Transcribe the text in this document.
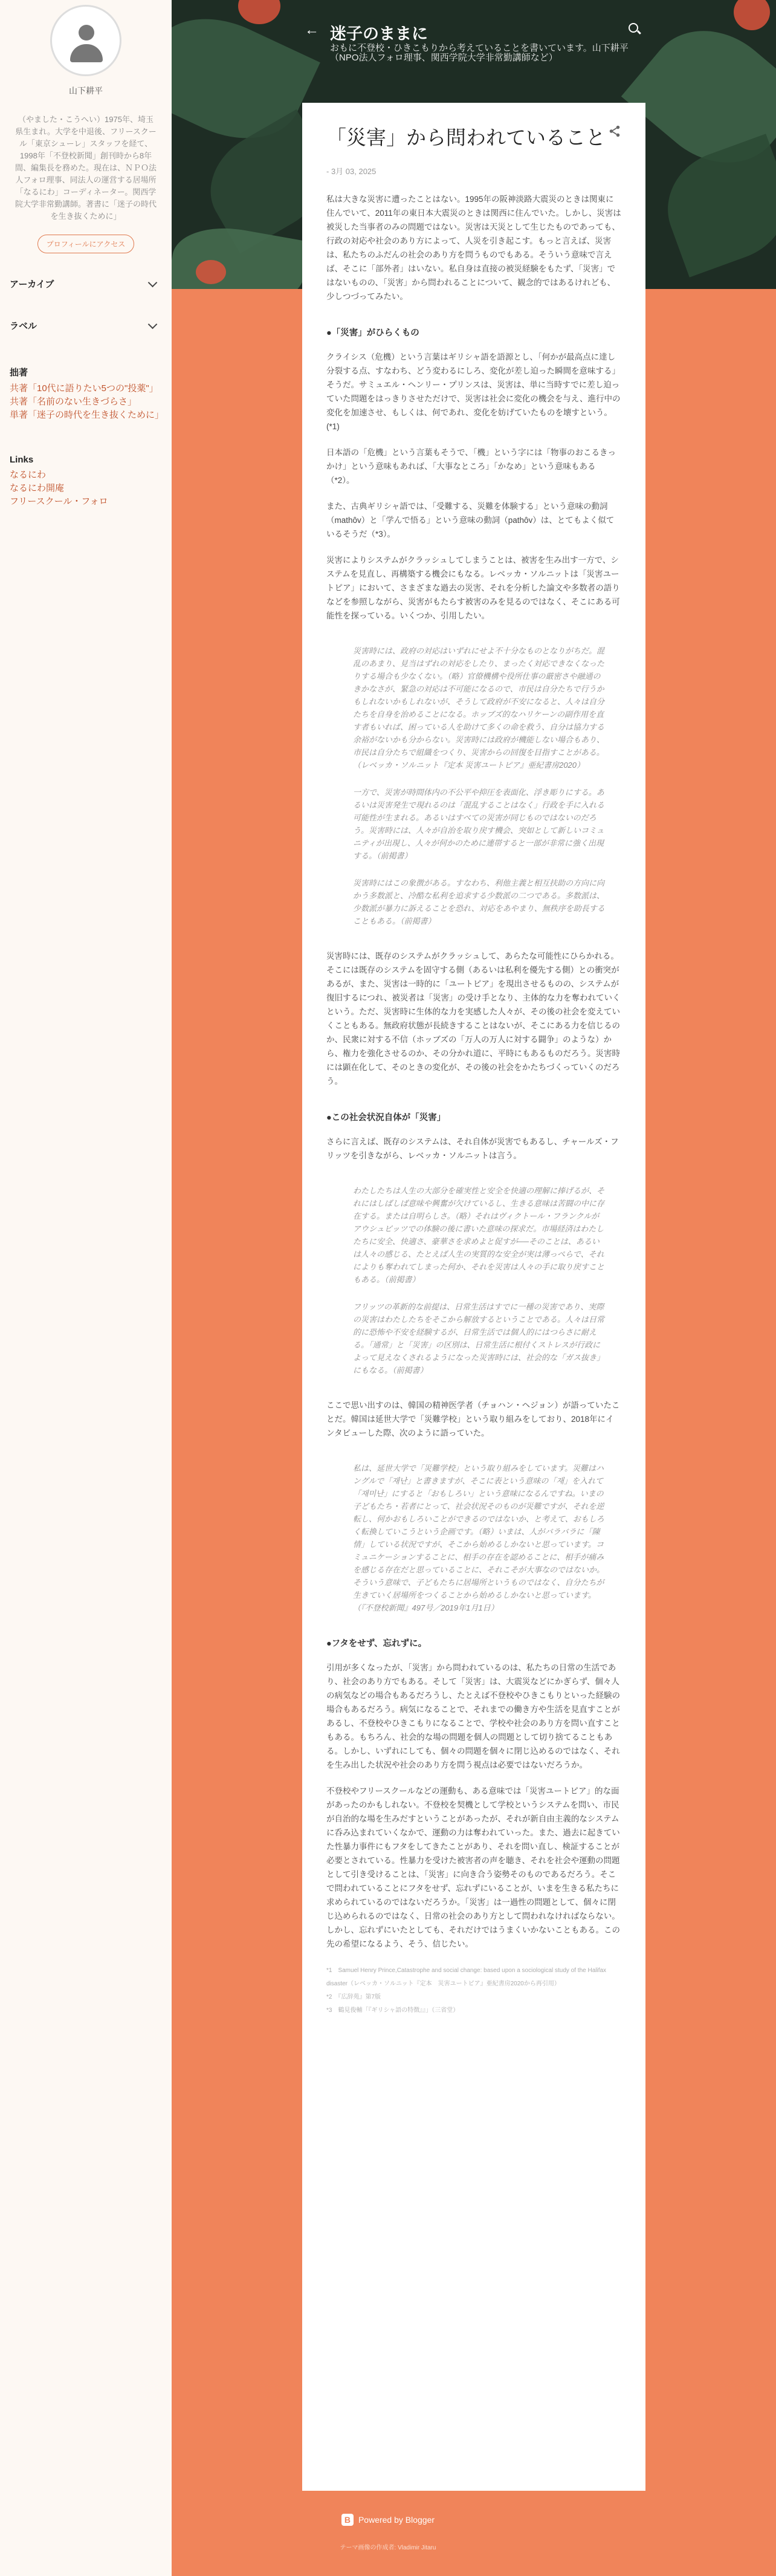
山下耕平
（やました・こうへい）1975年、埼玉県生まれ。大学を中退後、フリースクール「東京シューレ」スタッフを経て、1998年「不登校新聞」創刊時から8年間、編集長を務めた。現在は、ＮＰＯ法人フォロ理事、同法人の運営する居場所「なるにわ」コーディネーター。関西学院大学非常勤講師。著書に「迷子の時代を生き抜くために」
プロフィールにアクセス
アーカイブ
ラベル
拙著
共著「10代に語りたい5つの"投薬"」
共著「名前のない生きづらさ」
単著「迷子の時代を生き抜くために」
Links
なるにわ
なるにわ開庵
フリースクール・フォロ
← 迷子のままに
おもに不登校・ひきこもりから考えていることを書いています。山下耕平（NPO法人フォロ理事、関西学院大学非常勤講師など）
「災害」から問われていること
- 3月 03, 2025

私は大きな災害に遭ったことはない。1995年の阪神淡路大震災のときは関東に住んでいて、2011年の東日本大震災のときは関西に住んでいた。しかし、災害は被災した当事者のみの問題ではない。災害は天災として生じたものであっても、行政の対応や社会のあり方によって、人災を引き起こす。もっと言えば、災害は、私たちのふだんの社会のあり方を問うものでもある。そういう意味で言えば、そこに「部外者」はいない。私自身は直接の被災経験をもたず、「災害」ではないものの、「災害」から問われることについて、観念的ではあるけれども、少しつづってみたい。

●「災害」がひらくもの

クライシス（危機）という言葉はギリシャ語を語源とし、「何かが最高点に達し分裂する点、すなわち、どう変わるにしろ、変化が差し迫った瞬間を意味する」そうだ。サミュエル・ヘンリー・プリンスは、災害は、単に当時すでに差し迫っていた問題をはっきりさせただけで、災害は社会に変化の機会を与え、進行中の変化を加速させ、もしくは、何であれ、変化を妨げていたものを壊すという。(*1)

日本語の「危機」という言葉もそうで、「機」という字には「物事のおこるきっかけ」という意味もあれば、「大事なところ」「かなめ」という意味もある（*2）。

また、古典ギリシャ語では、「受難する、災難を体験する」という意味の動詞（mathôv）と「学んで悟る」という意味の動詞（pathôv）は、とてもよく似ているそうだ（*3）。

災害によりシステムがクラッシュしてしまうことは、被害を生み出す一方で、システムを見直し、再構築する機会にもなる。レベッカ・ソルニットは「災害ユートピア」において、さまざまな過去の災害、それを分析した論文や多数者の語りなどを参照しながら、災害がもたらす被害のみを見るのではなく、そこにある可能性を探っている。いくつか、引用したい。

災害時には、政府の対応はいずれにせよ不十分なものとなりがちだ。混乱のあまり、見当はずれの対応をしたり、まったく対応できなくなったりする場合も少なくない。（略）官僚機構や役所仕事の厳密さや融通のきかなさが、緊急の対応は不可能になるので、市民は自分たちで行うかもしれないかもしれないが、そうして政府が不安になると、人々は自分たちを自身を治めることになる。ホッブズ的なハリケーンの副作用を直す者もいれば、困っている人を助けて多くの命を救う、自分は協力する余裕がないかも分からない。災害時には政府が機能しない場合もあり、市民は自分たちで組織をつくり、災害からの回復を目指すことがある。（レベッカ・ソルニット『定本 災害ユートピア』亜紀書房2020）

一方で、災害が時間体内の不公平や抑圧を表面化、浮き彫りにする。あるいは災害発生で現れるのは「混乱することはなく」行政を手に入れる可能性が生まれる。あるいはすべての災害が同じものではないのだろう。災害時には、人々が自治を取り戻す機会、突如として新しいコミュニティが出現し、人々が何かのために連帯すると一部が非常に強く出現する。（前掲書）

災害時にはこの象徴がある。すなわち、利他主義と相互扶助の方向に向かう多数派と、冷酷な私利を追求する少数派の二つである。多数派は、少数派が暴力に訴えることを恐れ、対応をあやまり、無秩序を助長することもある。（前掲書）

災害時には、既存のシステムがクラッシュして、あらたな可能性にひらかれる。そこには既存のシステムを固守する側（あるいは私利を優先する側）との衝突があるが、また、災害は一時的に「ユートピア」を現出させるものの、システムが復旧するにつれ、被災者は「災害」の受け手となり、主体的な力を奪われていくという。ただ、災害時に生体的な力を実感した人々が、その後の社会を変えていくこともある。無政府状態が長続きすることはないが、そこにある力を信じるのか、民衆に対する不信（ホッブズの「万人の万人に対する闘争」のような）から、権力を強化させるのか、その分かれ道に、平時にもあるものだろう。災害時には顕在化して、そのときの変化が、その後の社会をかたちづくっていくのだろう。

●この社会状況自体が「災害」

さらに言えば、既存のシステムは、それ自体が災害でもあるし、チャールズ・フリッツを引きながら、レベッカ・ソルニットは言う。

わたしたちは人生の大部分を確実性と安全を快適の理解に捧げるが、それにはしばしば意味や興奮が欠けているし、生きる意味は苦闘の中に存在する。または自明らしさ。（略）それはヴィクトール・フランクルがアウシュビッツでの体験の後に書いた意味の探求だ。市場経済はわたしたちに安全、快適さ、豪華さを求めよと促すが──そのことは、あるいは人々の感じる、たとえば人生の実質的な安全が実は薄っぺらで、それによりも奪われてしまった何か、それを災害は人々の手に取り戻すこともある。（前掲書）

フリッツの革新的な前提は、日常生活はすでに一種の災害であり、実際の災害はわたしたちをそこから解放するということである。人々は日常的に恐怖や不安を経験するが、日常生活では個人的にはつらさに耐える。「通常」と「災害」の区別は、日常生活に根付くストレスが行政によって見えなくされるようになった災害時には、社会的な「ガス抜き」にもなる。（前掲書）

ここで思い出すのは、韓国の精神医学者（チョハン・ヘジョン）が語っていたことだ。韓国は延世大学で「災難学校」という取り組みをしており、2018年にインタビューした際、次のように語っていた。

私は、延世大学で「災難学校」という取り組みをしています。災難はハングルで「재난」と書きますが、そこに表という意味の「재」を入れて「재미난」にすると「おもしろい」という意味になるんですね。いまの子どもたち・若者にとって、社会状況そのものが災難ですが、それを逆転し、何かおもしろいことができるのではないか、と考えて、おもしろく転換していこうという企画です。（略）いまは、人がバラバラに「陳情」している状況ですが、そこから始めるしかないと思っています。コミュニケーションすることに、相手の存在を認めることに、相手が痛みを感じる存在だと思っていることに、それこそが大事なのではないか。そういう意味で、子どもたちに居場所というものではなく、自分たちが生きていく居場所をつくることから始めるしかないと思っています。（『不登校新聞』497号／2019年1月1日）

●フタをせず、忘れずに。

引用が多くなったが、「災害」から問われているのは、私たちの日常の生活であり、社会のあり方でもある。そして「災害」は、大震災などにかぎらず、個々人の病気などの場合もあるだろうし、たとえば不登校やひきこもりといった経験の場合もあるだろう。病気になることで、それまでの働き方や生活を見直すことがあるし、不登校やひきこもりになることで、学校や社会のあり方を問い直すこともある。もちろん、社会的な場の問題を個人の問題として切り捨てることもある。しかし、いずれにしても、個々の問題を個々に閉じ込めるのではなく、それを生み出した状況や社会のあり方を問う視点は必要ではないだろうか。

不登校やフリースクールなどの運動も、ある意味では「災害ユートピア」的な面があったのかもしれない。不登校を契機として学校というシステムを問い、市民が自治的な場を生みだすということがあったが、それが新自由主義的なシステムに呑み込まれていくなかで、運動の力は奪われていった。また、過去に起きていた性暴力事件にもフタをしてきたことがあり、それを問い直し、検証することが必要とされている。性暴力を受けた被害者の声を聴き、それを社会や運動の問題として引き受けることは、「災害」に向き合う姿勢そのものであるだろう。そこで問われていることにフタをせず、忘れずにいることが、いまを生きる私たちに求められているのではないだろうか。「災害」は一過性の問題として、個々に閉じ込められるのではなく、日常の社会のあり方として問われなければならない。しかし、忘れずにいたとしても、それだけではうまくいかないこともある。この先の希望になるよう、そう、信じたい。

*1　Samuel Henry Prince,Catastrophe and social change: based upon a sociological study of the Halifax disaster（レベッカ・ソルニット『定本　災害ユートピア』亜紀書房2020から再引用）
*2　『広辞苑』第7版
*3　鶴見俊輔「『ギリシャ語の特徴』』」（三省堂）
B Powered by Blogger
テーマ画像の作成者: Vladimir Jitaru
